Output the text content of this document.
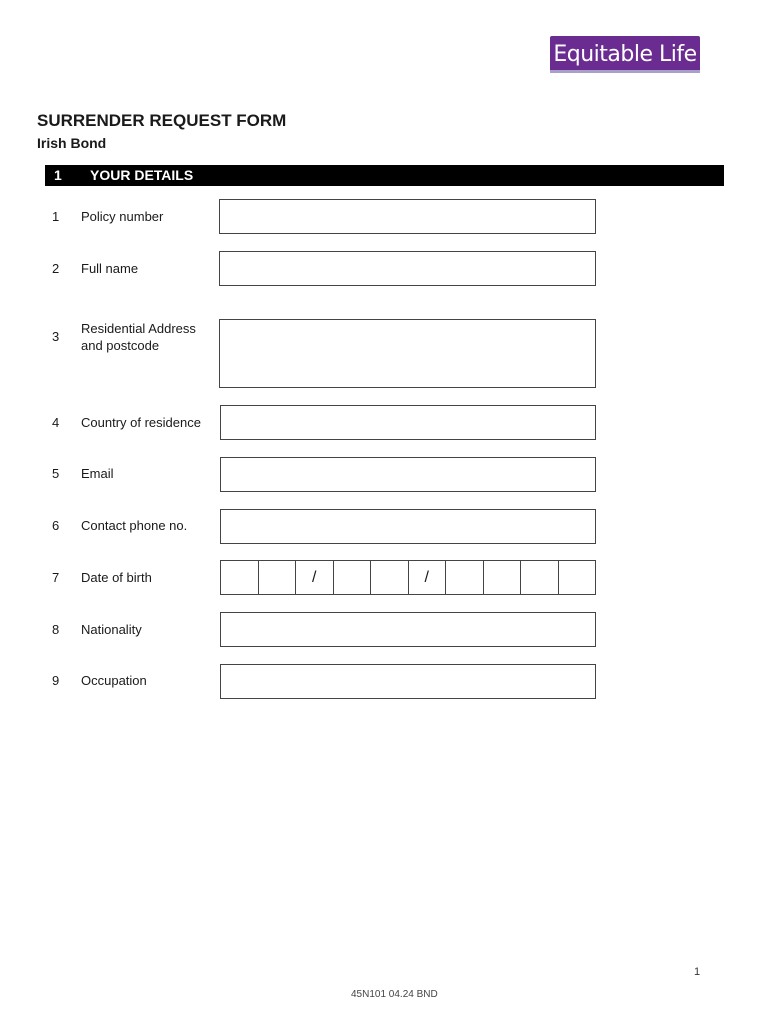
Equitable Life
SURRENDER REQUEST FORM
Irish Bond
1 YOUR DETAILS
1 Policy number
2 Full name
3
Residential Address
and postcode
4 Country of residence
5 Email
6 Contact phone no.
7 Date of birth	/	/
8 Nationality
9 Occupation
1
45N101 04.24 BND
